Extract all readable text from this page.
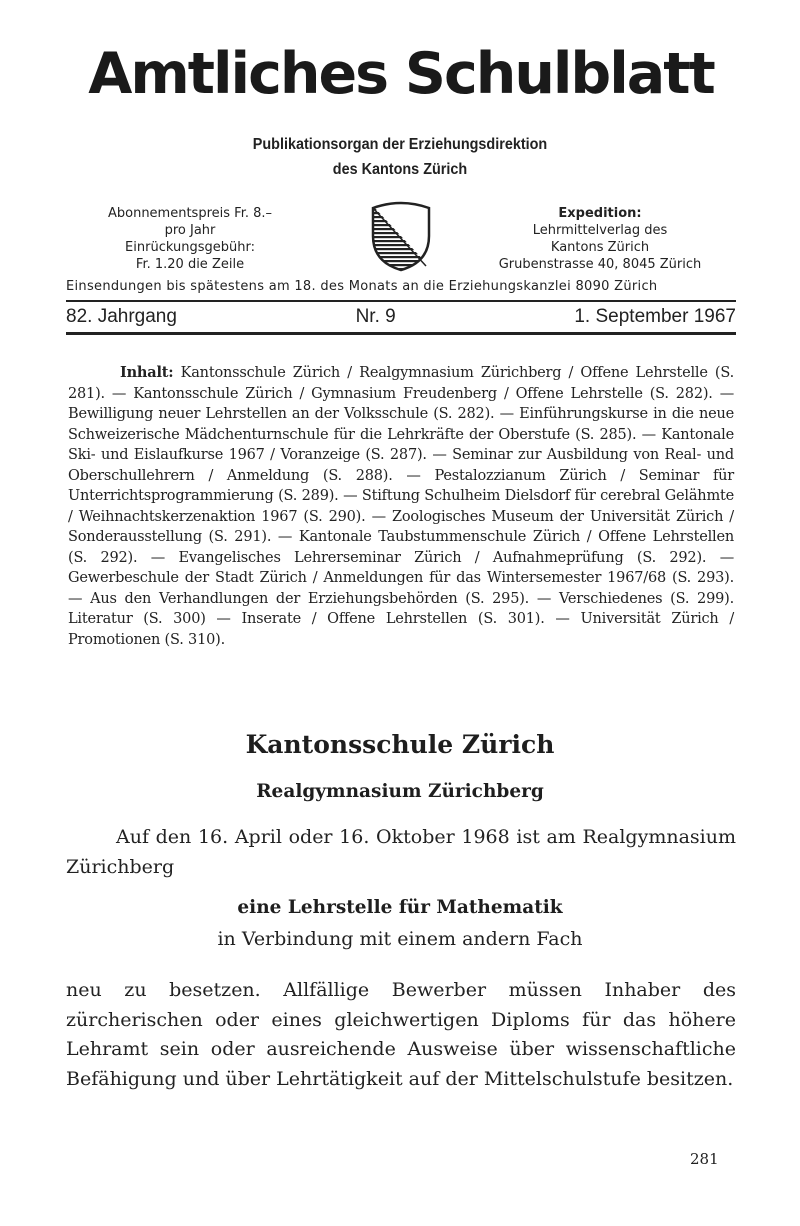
Amtliches Schulblatt
Publikationsorgan der Erziehungsdirektion
des Kantons Zürich
Abonnementspreis Fr. 8.–
pro Jahr
Einrückungsgebühr:
Fr. 1.20 die Zeile
Expedition:
Lehrmittelverlag des
Kantons Zürich
Grubenstrasse 40, 8045 Zürich
Einsendungen bis spätestens am 18. des Monats an die Erziehungskanzlei 8090 Zürich
82. Jahrgang	Nr. 9	1. September 1967

Inhalt: Kantonsschule Zürich / Realgymnasium Zürichberg / Offene Lehrstelle (S. 281). — Kantonsschule Zürich / Gymnasium Freudenberg / Offene Lehrstelle (S. 282). — Bewilligung neuer Lehrstellen an der Volksschule (S. 282). — Einführungskurse in die neue Schweizerische Mädchenturnschule für die Lehrkräfte der Oberstufe (S. 285). — Kantonale Ski- und Eislaufkurse 1967 / Voranzeige (S. 287). — Seminar zur Ausbildung von Real- und Oberschullehrern / Anmeldung (S. 288). — Pestalozzianum Zürich / Seminar für Unterrichtsprogrammierung (S. 289). — Stiftung Schulheim Dielsdorf für cerebral Gelähmte / Weihnachtskerzenaktion 1967 (S. 290). — Zoologisches Museum der Universität Zürich / Sonderausstellung (S. 291). — Kantonale Taubstummenschule Zürich / Offene Lehrstellen (S. 292). — Evangelisches Lehrerseminar Zürich / Aufnahmeprüfung (S. 292). — Gewerbeschule der Stadt Zürich / Anmeldungen für das Wintersemester 1967/68 (S. 293). — Aus den Verhandlungen der Erziehungsbehörden (S. 295). — Verschiedenes (S. 299). Literatur (S. 300) — Inserate / Offene Lehrstellen (S. 301). — Universität Zürich / Promotionen (S. 310).

Kantonsschule Zürich
Realgymnasium Zürichberg

Auf den 16. April oder 16. Oktober 1968 ist am Realgymnasium Zürichberg

eine Lehrstelle für Mathematik
in Verbindung mit einem andern Fach

neu zu besetzen. Allfällige Bewerber müssen Inhaber des zürcherischen oder eines gleichwertigen Diploms für das höhere Lehramt sein oder ausreichende Ausweise über wissenschaftliche Befähigung und über Lehrtätigkeit auf der Mittelschulstufe besitzen.

281
